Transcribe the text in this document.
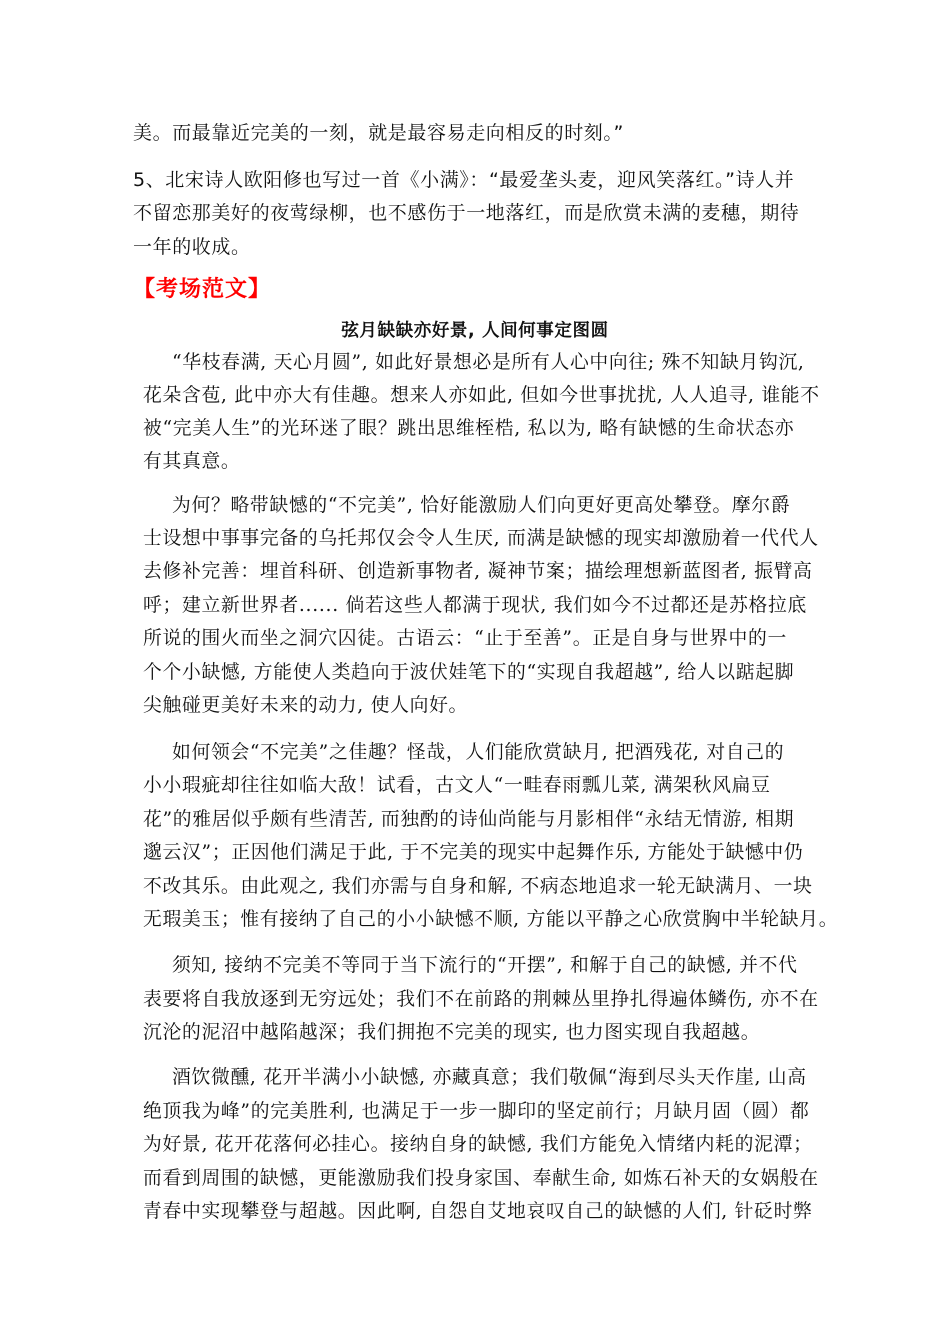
美。而最靠近完美的一刻，就是最容易走向相反的时刻。”
5、北宋诗人欧阳修也写过一首《小满》：“最爱垄头麦，迎风笑落红。”诗人并
不留恋那美好的夜莺绿柳，也不感伤于一地落红，而是欣赏未满的麦穗，期待
一年的收成。
【考场范文】
弦月缺缺亦好景, 人间何事定图圆
“华枝春满, 天心月圆”, 如此好景想必是所有人心中向往; 殊不知缺月钩沉,
花朵含苞, 此中亦大有佳趣。想来人亦如此, 但如今世事扰扰, 人人追寻, 谁能不
被“完美人生”的光环迷了眼？跳出思维桎梏, 私以为, 略有缺憾的生命状态亦
有其真意。
为何？略带缺憾的“不完美”, 恰好能激励人们向更好更高处攀登。摩尔爵
士设想中事事完备的乌托邦仅会令人生厌, 而满是缺憾的现实却激励着一代代人
去修补完善：埋首科研、创造新事物者, 凝神节案；描绘理想新蓝图者, 振臂高
呼；建立新世界者...... 倘若这些人都满于现状, 我们如今不过都还是苏格拉底
所说的围火而坐之洞穴囚徒。古语云：“止于至善”。正是自身与世界中的一
个个小缺憾, 方能使人类趋向于波伏娃笔下的“实现自我超越”, 给人以踮起脚
尖触碰更美好未来的动力, 使人向好。
如何领会“不完美”之佳趣？怪哉，人们能欣赏缺月, 把酒残花, 对自己的
小小瑕疵却往往如临大敌！试看，古文人“一畦春雨瓢儿菜, 满架秋风扁豆
花”的雅居似乎颇有些清苦, 而独酌的诗仙尚能与月影相伴“永结无情游, 相期
邈云汉”；正因他们满足于此, 于不完美的现实中起舞作乐, 方能处于缺憾中仍
不改其乐。由此观之, 我们亦需与自身和解, 不病态地追求一轮无缺满月、一块
无瑕美玉；惟有接纳了自己的小小缺憾不顺, 方能以平静之心欣赏胸中半轮缺月。
须知, 接纳不完美不等同于当下流行的“开摆”, 和解于自己的缺憾, 并不代
表要将自我放逐到无穷远处；我们不在前路的荆棘丛里挣扎得遍体鳞伤, 亦不在
沉沦的泥沼中越陷越深；我们拥抱不完美的现实, 也力图实现自我超越。
酒饮微醺, 花开半满小小缺憾, 亦藏真意；我们敬佩“海到尽头天作崖, 山高
绝顶我为峰”的完美胜利, 也满足于一步一脚印的坚定前行；月缺月固（圆）都
为好景, 花开花落何必挂心。接纳自身的缺憾, 我们方能免入情绪内耗的泥潭；
而看到周围的缺憾，更能激励我们投身家国、奉献生命, 如炼石补天的女娲般在
青春中实现攀登与超越。因此啊, 自怨自艾地哀叹自己的缺憾的人们, 针砭时弊
